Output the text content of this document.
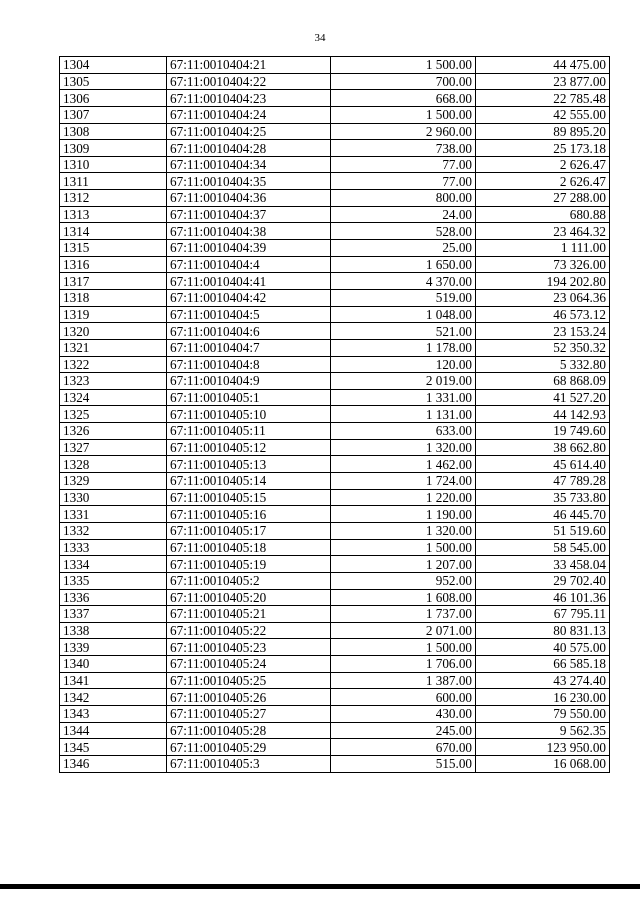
34
1304	67:11:0010404:21	1 500.00	44 475.00
1305	67:11:0010404:22	700.00	23 877.00
1306	67:11:0010404:23	668.00	22 785.48
1307	67:11:0010404:24	1 500.00	42 555.00
1308	67:11:0010404:25	2 960.00	89 895.20
1309	67:11:0010404:28	738.00	25 173.18
1310	67:11:0010404:34	77.00	2 626.47
1311	67:11:0010404:35	77.00	2 626.47
1312	67:11:0010404:36	800.00	27 288.00
1313	67:11:0010404:37	24.00	680.88
1314	67:11:0010404:38	528.00	23 464.32
1315	67:11:0010404:39	25.00	1 111.00
1316	67:11:0010404:4	1 650.00	73 326.00
1317	67:11:0010404:41	4 370.00	194 202.80
1318	67:11:0010404:42	519.00	23 064.36
1319	67:11:0010404:5	1 048.00	46 573.12
1320	67:11:0010404:6	521.00	23 153.24
1321	67:11:0010404:7	1 178.00	52 350.32
1322	67:11:0010404:8	120.00	5 332.80
1323	67:11:0010404:9	2 019.00	68 868.09
1324	67:11:0010405:1	1 331.00	41 527.20
1325	67:11:0010405:10	1 131.00	44 142.93
1326	67:11:0010405:11	633.00	19 749.60
1327	67:11:0010405:12	1 320.00	38 662.80
1328	67:11:0010405:13	1 462.00	45 614.40
1329	67:11:0010405:14	1 724.00	47 789.28
1330	67:11:0010405:15	1 220.00	35 733.80
1331	67:11:0010405:16	1 190.00	46 445.70
1332	67:11:0010405:17	1 320.00	51 519.60
1333	67:11:0010405:18	1 500.00	58 545.00
1334	67:11:0010405:19	1 207.00	33 458.04
1335	67:11:0010405:2	952.00	29 702.40
1336	67:11:0010405:20	1 608.00	46 101.36
1337	67:11:0010405:21	1 737.00	67 795.11
1338	67:11:0010405:22	2 071.00	80 831.13
1339	67:11:0010405:23	1 500.00	40 575.00
1340	67:11:0010405:24	1 706.00	66 585.18
1341	67:11:0010405:25	1 387.00	43 274.40
1342	67:11:0010405:26	600.00	16 230.00
1343	67:11:0010405:27	430.00	79 550.00
1344	67:11:0010405:28	245.00	9 562.35
1345	67:11:0010405:29	670.00	123 950.00
1346	67:11:0010405:3	515.00	16 068.00
